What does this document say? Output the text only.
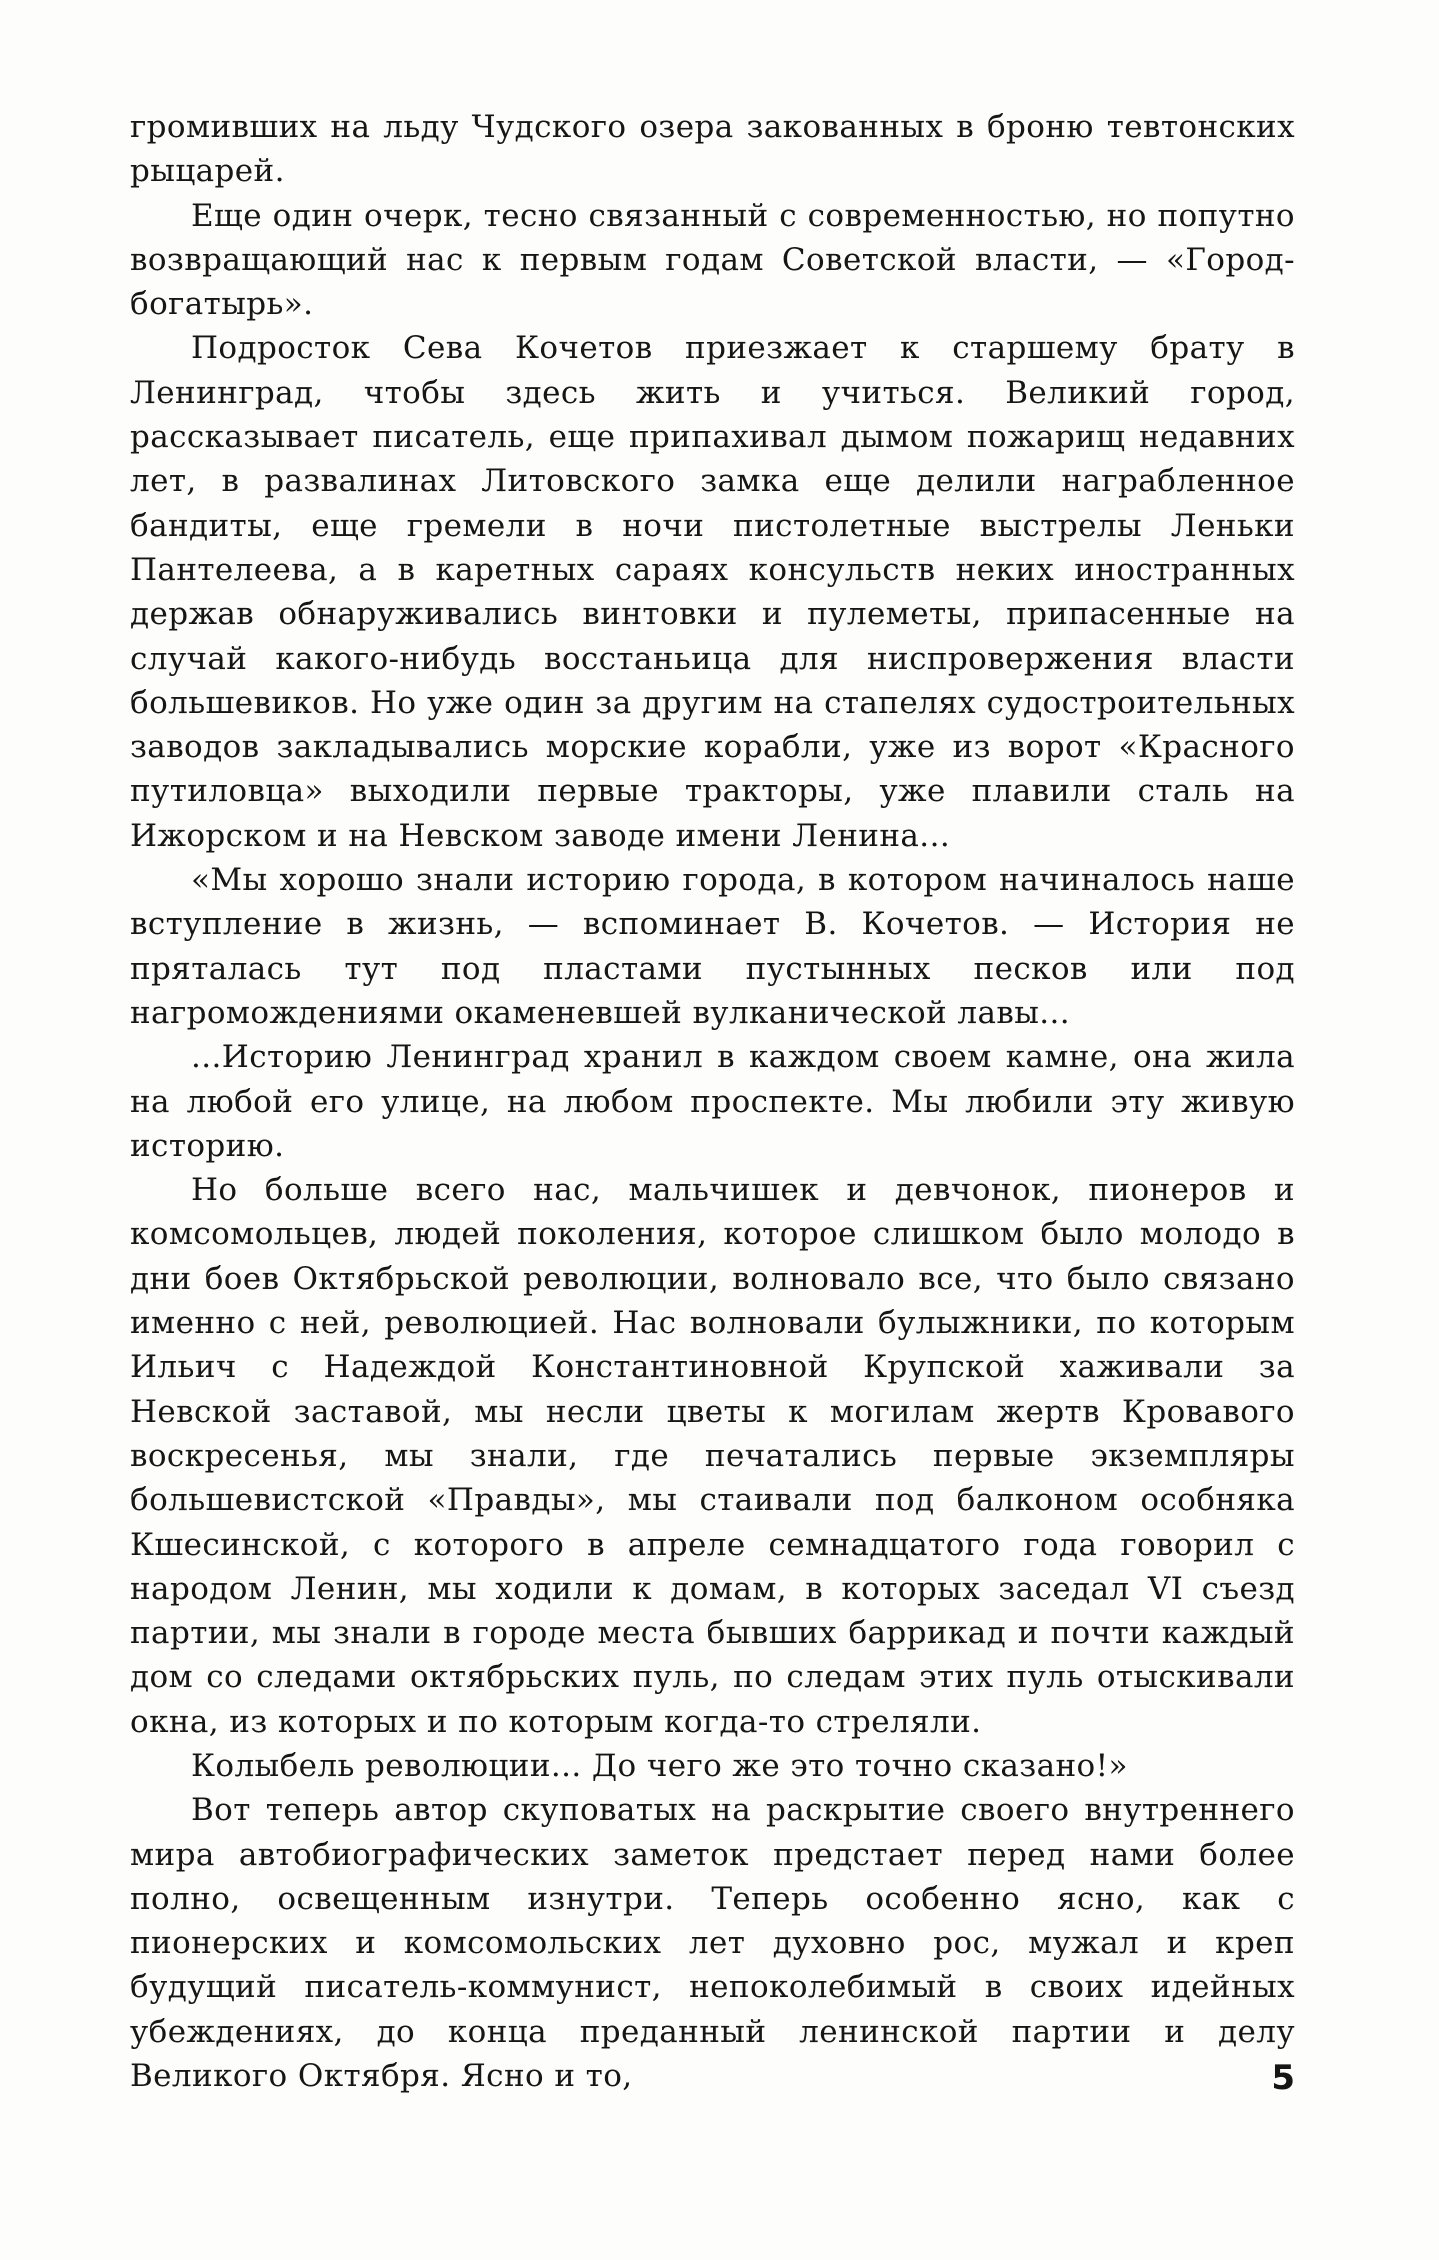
громивших на льду Чудского озера закованных в броню тевтонских рыцарей.

Еще один очерк, тесно связанный с современностью, но попутно возвращающий нас к первым годам Советской власти, — «Город-богатырь».

Подросток Сева Кочетов приезжает к старшему брату в Ленинград, чтобы здесь жить и учиться. Великий город, рассказывает писатель, еще припахивал дымом пожарищ недавних лет, в развалинах Литовского замка еще делили награбленное бандиты, еще гремели в ночи пистолетные выстрелы Леньки Пантелеева, а в каретных сараях консульств неких иностранных держав обнаруживались винтовки и пулеметы, припасенные на случай какого-нибудь восстаньица для ниспровержения власти большевиков. Но уже один за другим на стапелях судостроительных заводов закладывались морские корабли, уже из ворот «Красного путиловца» выходили первые тракторы, уже плавили сталь на Ижорском и на Невском заводе имени Ленина...

«Мы хорошо знали историю города, в котором начиналось наше вступление в жизнь, — вспоминает В. Кочетов. — История не пряталась тут под пластами пустынных песков или под нагромождениями окаменевшей вулканической лавы...

...Историю Ленинград хранил в каждом своем камне, она жила на любой его улице, на любом проспекте. Мы любили эту живую историю.

Но больше всего нас, мальчишек и девчонок, пионеров и комсомольцев, людей поколения, которое слишком было молодо в дни боев Октябрьской революции, волновало все, что было связано именно с ней, революцией. Нас волновали булыжники, по которым Ильич с Надеждой Константиновной Крупской хаживали за Невской заставой, мы несли цветы к могилам жертв Кровавого воскресенья, мы знали, где печатались первые экземпляры большевистской «Правды», мы стаивали под балконом особняка Кшесинской, с которого в апреле семнадцатого года говорил с народом Ленин, мы ходили к домам, в которых заседал VI съезд партии, мы знали в городе места бывших баррикад и почти каждый дом со следами октябрьских пуль, по следам этих пуль отыскивали окна, из которых и по которым когда-то стреляли.

Колыбель революции... До чего же это точно сказано!»

Вот теперь автор скуповатых на раскрытие своего внутреннего мира автобиографических заметок предстает перед нами более полно, освещенным изнутри. Теперь особенно ясно, как с пионерских и комсомольских лет духовно рос, мужал и креп будущий писатель-коммунист, непоколебимый в своих идейных убеждениях, до конца преданный ленинской партии и делу Великого Октября. Ясно и то,	5
